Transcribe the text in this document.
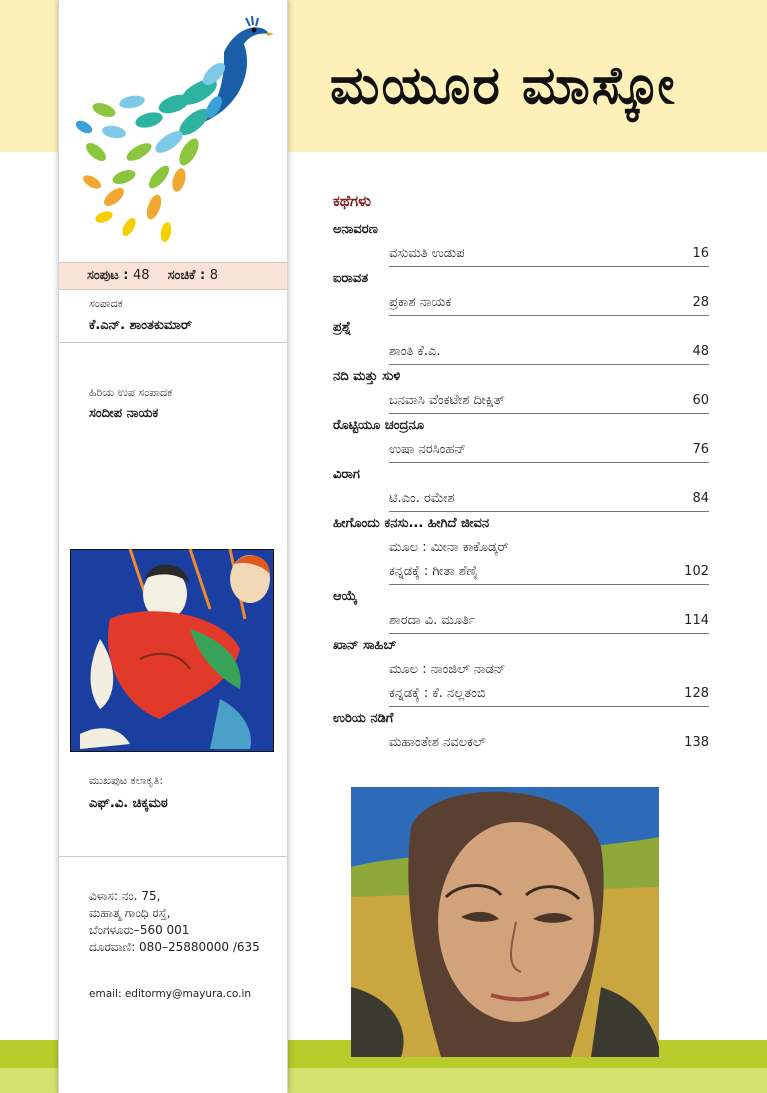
ಮಯೂರ ಮಾಸ್ಕೋ
ಸಂಪುಟ : 48 ಸಂಚಿಕೆ : 8
ಸಂಪಾದಕ
ಕೆ.ಎನ್. ಶಾಂತಕುಮಾರ್
ಹಿರಿಯ ಉಪ ಸಂಪಾದಕ
ಸಂದೀಪ ನಾಯಕ
ಮುಖಪುಟ ಕಲಾಕೃತಿ:
ಎಫ್.ವಿ. ಚಿಕ್ಕಮಠ
ವಿಳಾಸ: ನಂ. 75,
ಮಹಾತ್ಮ ಗಾಂಧಿ ರಸ್ತೆ,
ಬೆಂಗಳೂರು–560 001
ದೂರವಾಣಿ: 080–25880000 /635
email: editormy@mayura.co.in
ಕಥೆಗಳು
ಅನಾವರಣ
ವಸುಮತಿ ಉಡುಪ	16
ಐರಾವತ
ಪ್ರಕಾಶ ನಾಯಕ	28
ಪ್ರಶ್ನೆ
ಶಾಂತಿ ಕೆ.ಎ.	48
ನದಿ ಮತ್ತು ಸುಳಿ
ಬನವಾಸಿ ವೆಂಕಟೇಶ ದೀಕ್ಷಿತ್	60
ರೊಟ್ಟಿಯೂ ಚಂದ್ರನೂ
ಉಷಾ ನರಸಿಂಹನ್	76
ವಿರಾಗ
ಟಿ.ಎಂ. ರಮೇಶ	84
ಹೀಗೊಂದು ಕನಸು... ಹೀಗಿದೆ ಜೀವನ
ಮೂಲ : ಮೀನಾ ಕಾಕೊಡ್ಕರ್
ಕನ್ನಡಕ್ಕೆ : ಗೀತಾ ಶೆಣೈ	102
ಆಯ್ಕೆ
ಶಾರದಾ ವಿ. ಮೂರ್ತಿ	114
ಖಾನ್ ಸಾಹಿಬ್
ಮೂಲ : ನಾಂಜಿಲ್ ನಾಡನ್
ಕನ್ನಡಕ್ಕೆ : ಕೆ. ನಲ್ಲತಂಬಿ	128
ಉರಿಯ ನಡಿಗೆ
ಮಹಾಂತೇಶ ನವಲಕಲ್	138
